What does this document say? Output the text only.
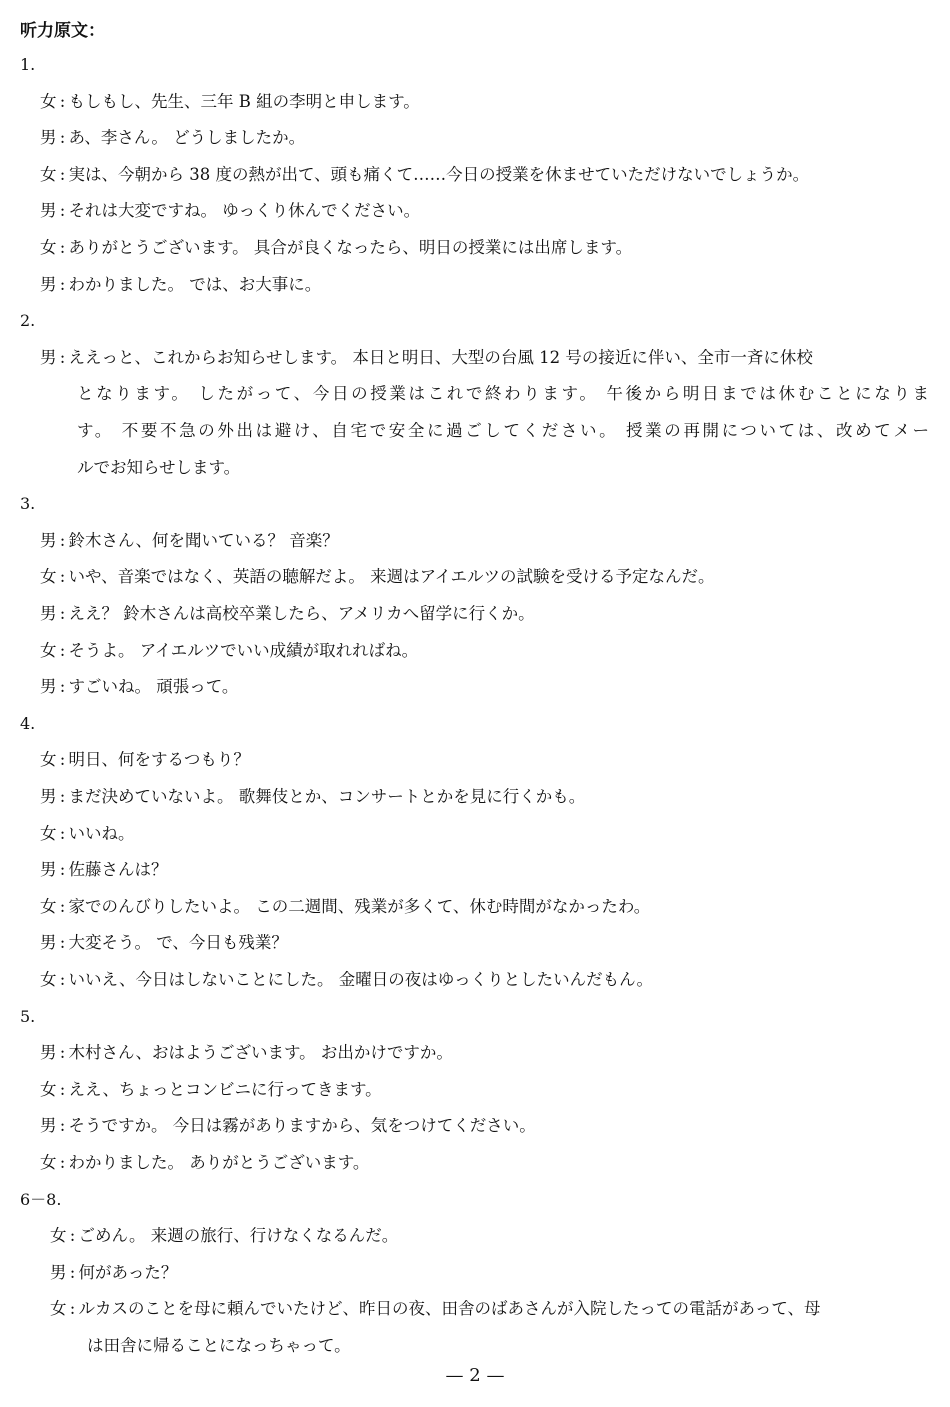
听力原文：
1.
女 : もしもし、先生、三年 B 組の李明と申します。
男 : あ、李さん。 どうしましたか。
女 : 実は、今朝から 38 度の熱が出て、頭も痛くて……今日の授業を休ませていただけないでしょうか。
男 : それは大変ですね。 ゆっくり休んでください。
女 : ありがとうございます。 具合が良くなったら、明日の授業には出席します。
男 : わかりました。 では、お大事に。
2.
男 : ええっと、これからお知らせします。 本日と明日、大型の台風 12 号の接近に伴い、全市一斉に休校
となります。 したがって、今日の授業はこれで終わります。 午後から明日までは休むことになりま
す。 不要不急の外出は避け、自宅で安全に過ごしてください。 授業の再開については、改めてメー
ルでお知らせします。
3.
男 : 鈴木さん、何を聞いている？ 音楽？
女 : いや、音楽ではなく、英語の聴解だよ。 来週はアイエルツの試験を受ける予定なんだ。
男 : ええ？ 鈴木さんは高校卒業したら、アメリカへ留学に行くか。
女 : そうよ。 アイエルツでいい成績が取れればね。
男 : すごいね。 頑張って。
4.
女 : 明日、何をするつもり？
男 : まだ決めていないよ。 歌舞伎とか、コンサートとかを見に行くかも。
女 : いいね。
男 : 佐藤さんは？
女 : 家でのんびりしたいよ。 この二週間、残業が多くて、休む時間がなかったわ。
男 : 大変そう。 で、今日も残業？
女 : いいえ、今日はしないことにした。 金曜日の夜はゆっくりとしたいんだもん。
5.
男 : 木村さん、おはようございます。 お出かけですか。
女 : ええ、ちょっとコンビニに行ってきます。
男 : そうですか。 今日は霧がありますから、気をつけてください。
女 : わかりました。 ありがとうございます。
6－8.
女 : ごめん。 来週の旅行、行けなくなるんだ。
男 : 何があった？
女 : ルカスのことを母に頼んでいたけど、昨日の夜、田舎のばあさんが入院したっての電話があって、母
は田舎に帰ることになっちゃって。
— 2 —
